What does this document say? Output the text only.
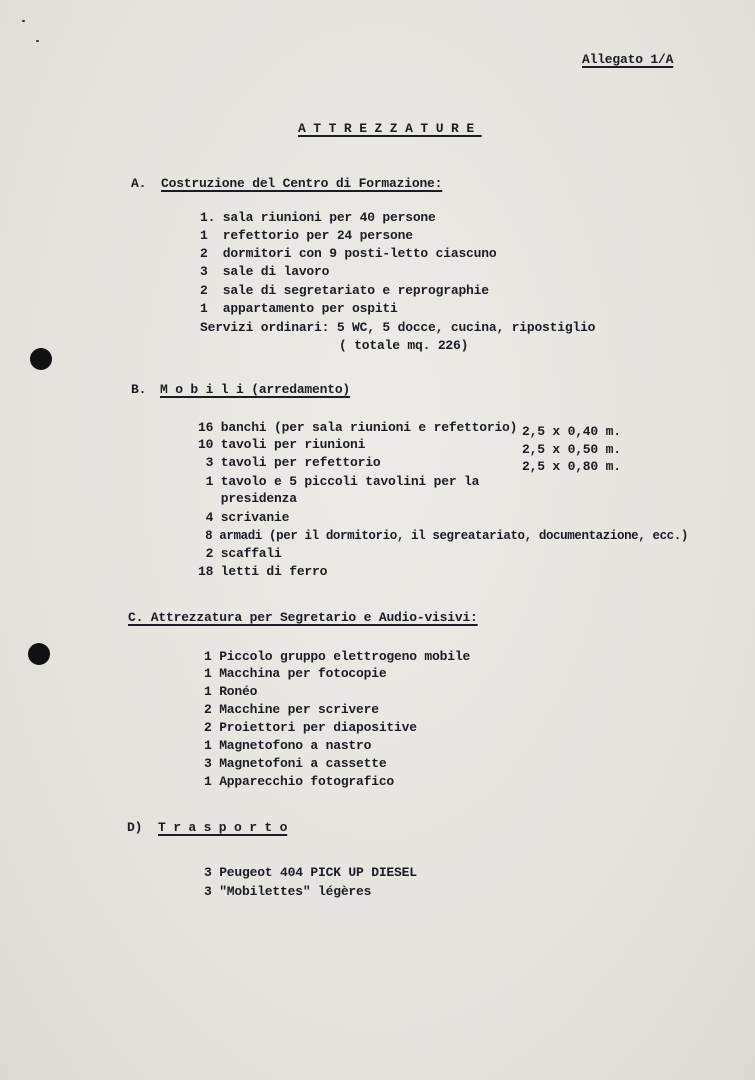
Allegato 1/A
ATTREZZATURE
A. Costruzione del Centro di Formazione:
1. sala riunioni per 40 persone
1  refettorio per 24 persone
2  dormitori con 9 posti-letto ciascuno
3  sale di lavoro
2  sale di segretariato e reprographie
1  appartamento per ospiti
Servizi ordinari: 5 WC, 5 docce, cucina, ripostiglio
( totale mq. 226)
B. M o b i l i (arredamento)
16 banchi (per sala riunioni e refettorio)
10 tavoli per riunioni
3 tavoli per refettorio
1 tavolo e 5 piccoli tavolini per la
presidenza
4 scrivanie
8 armadi (per il dormitorio, il segreatariato, documentazione, ecc.)
2 scaffali
18 letti di ferro
2,5 x 0,40 m.
2,5 x 0,50 m.
2,5 x 0,80 m.
C. Attrezzatura per Segretario e Audio-visivi:
1 Piccolo gruppo elettrogeno mobile
1 Macchina per fotocopie
1 Ronéo
2 Macchine per scrivere
2 Proiettori per diapositive
1 Magnetofono a nastro
3 Magnetofoni a cassette
1 Apparecchio fotografico
D) T r a s p o r t o
3 Peugeot 404 PICK UP DIESEL
3 "Mobilettes" légères
